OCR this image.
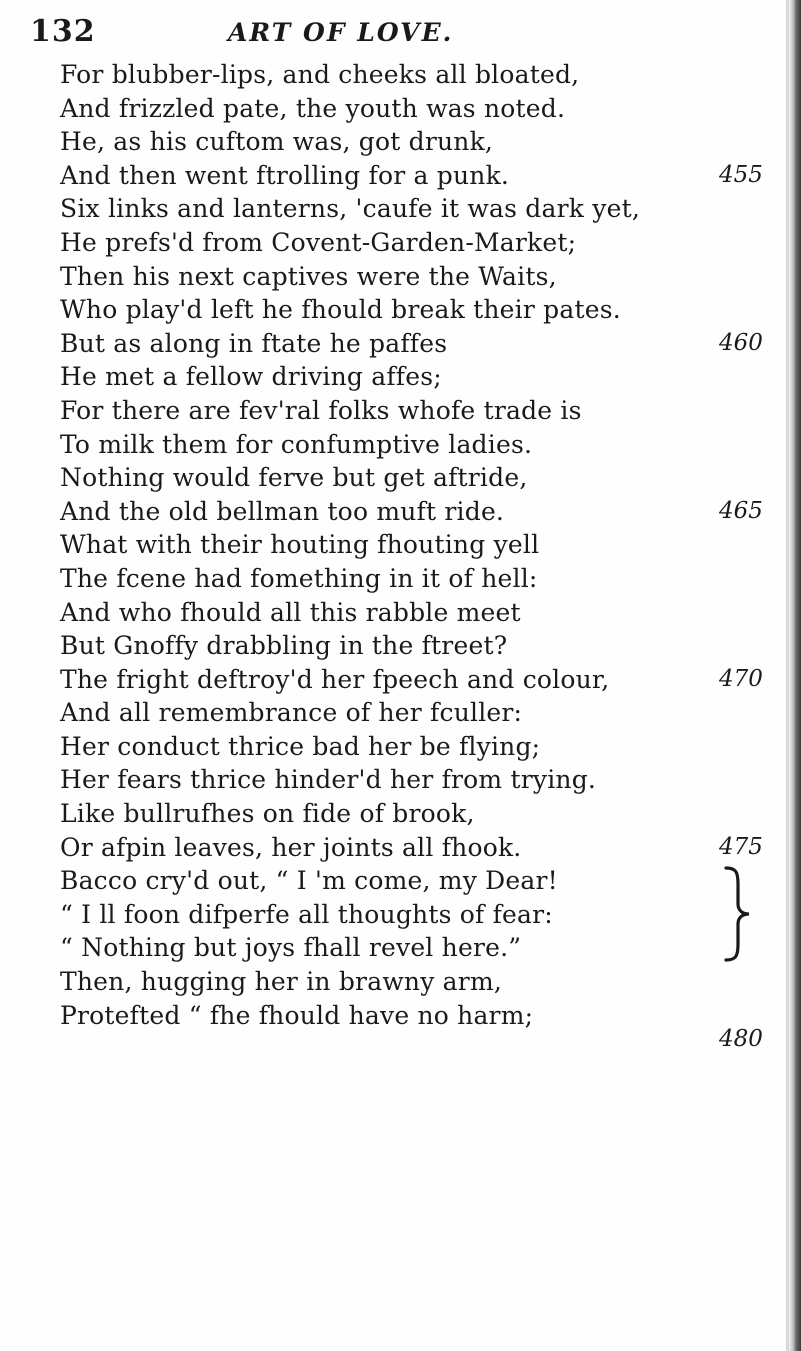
132	ART OF LOVE.
For blubber-lips, and cheeks all bloated,
And frizzled pate, the youth was noted.
He, as his cuftom was, got drunk,
And then went ftrolling for a punk.
Six links and lanterns, 'caufe it was dark yet,
He prefs'd from Covent-Garden-Market;
Then his next captives were the Waits,
Who play'd left he fhould break their pates.
But as along in ftate he paffes
He met a fellow driving affes;
For there are fev'ral folks whofe trade is
To milk them for confumptive ladies.
Nothing would ferve but get aftride,
And the old bellman too muft ride.
What with their houting fhouting yell
The fcene had fomething in it of hell:
And who fhould all this rabble meet
But Gnoffy drabbling in the ftreet?
The fright deftroy'd her fpeech and colour,
And all remembrance of her fculler:
Her conduct thrice bad her be flying;
Her fears thrice hinder'd her from trying.
Like bullrufhes on fide of brook,
Or afpin leaves, her joints all fhook.
Bacco cry'd out, “ I 'm come, my Dear!
“ I ll foon difperfe all thoughts of fear:
“ Nothing but joys fhall revel here.”
Then, hugging her in brawny arm,
Protefted “ fhe fhould have no harm;
455
460
465
470
475
480
